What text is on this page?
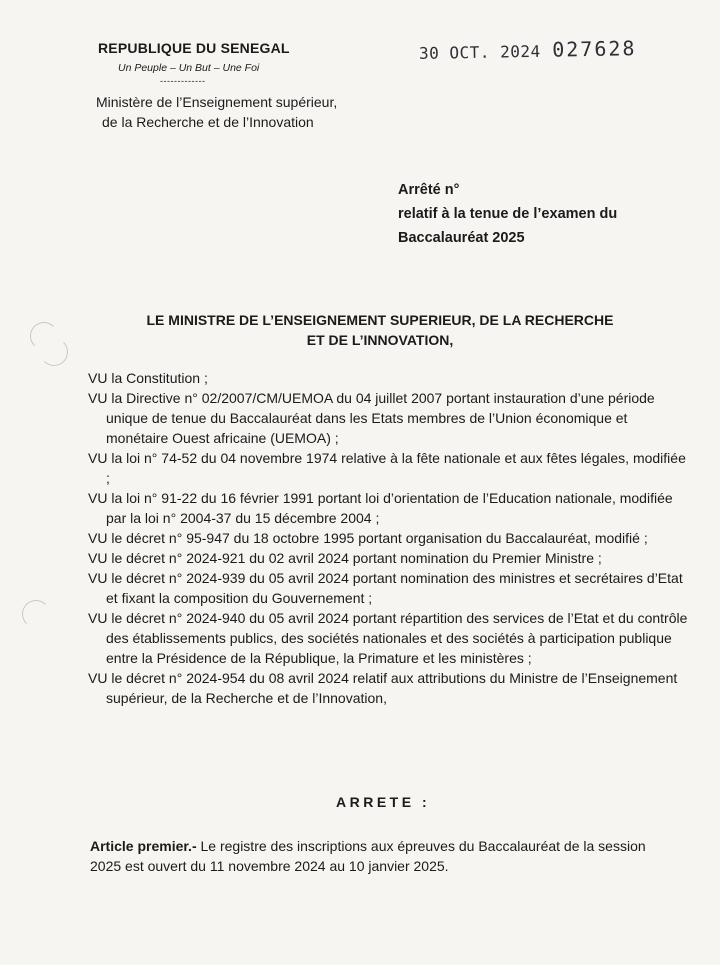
REPUBLIQUE DU SENEGAL
Un Peuple – Un But – Une Foi
-------------
Ministère de l’Enseignement supérieur,
de la Recherche et de l’Innovation
30 OCT. 2024 027628
Arrêté n°
relatif à la tenue de l’examen du
Baccalauréat 2025
LE MINISTRE DE L’ENSEIGNEMENT SUPERIEUR, DE LA RECHERCHE
ET DE L’INNOVATION,
VU la Constitution ;
VU la Directive n° 02/2007/CM/UEMOA du 04 juillet 2007 portant instauration d’une période unique de tenue du Baccalauréat dans les Etats membres de l’Union économique et monétaire Ouest africaine (UEMOA) ;
VU la loi n° 74-52 du 04 novembre 1974 relative à la fête nationale et aux fêtes légales, modifiée ;
VU la loi n° 91-22 du 16 février 1991 portant loi d’orientation de l’Education nationale, modifiée par la loi n° 2004-37 du 15 décembre 2004 ;
VU le décret n° 95-947 du 18 octobre 1995 portant organisation du Baccalauréat, modifié ;
VU le décret n° 2024-921 du 02 avril 2024 portant nomination du Premier Ministre ;
VU le décret n° 2024-939 du 05 avril 2024 portant nomination des ministres et secrétaires d’Etat et fixant la composition du Gouvernement ;
VU le décret n° 2024-940 du 05 avril 2024 portant répartition des services de l’Etat et du contrôle des établissements publics, des sociétés nationales et des sociétés à participation publique entre la Présidence de la République, la Primature et les ministères ;
VU le décret n° 2024-954 du 08 avril 2024 relatif aux attributions du Ministre de l’Enseignement supérieur, de la Recherche et de l’Innovation,
ARRETE :
Article premier.- Le registre des inscriptions aux épreuves du Baccalauréat de la session 2025 est ouvert du 11 novembre 2024 au 10 janvier 2025.
